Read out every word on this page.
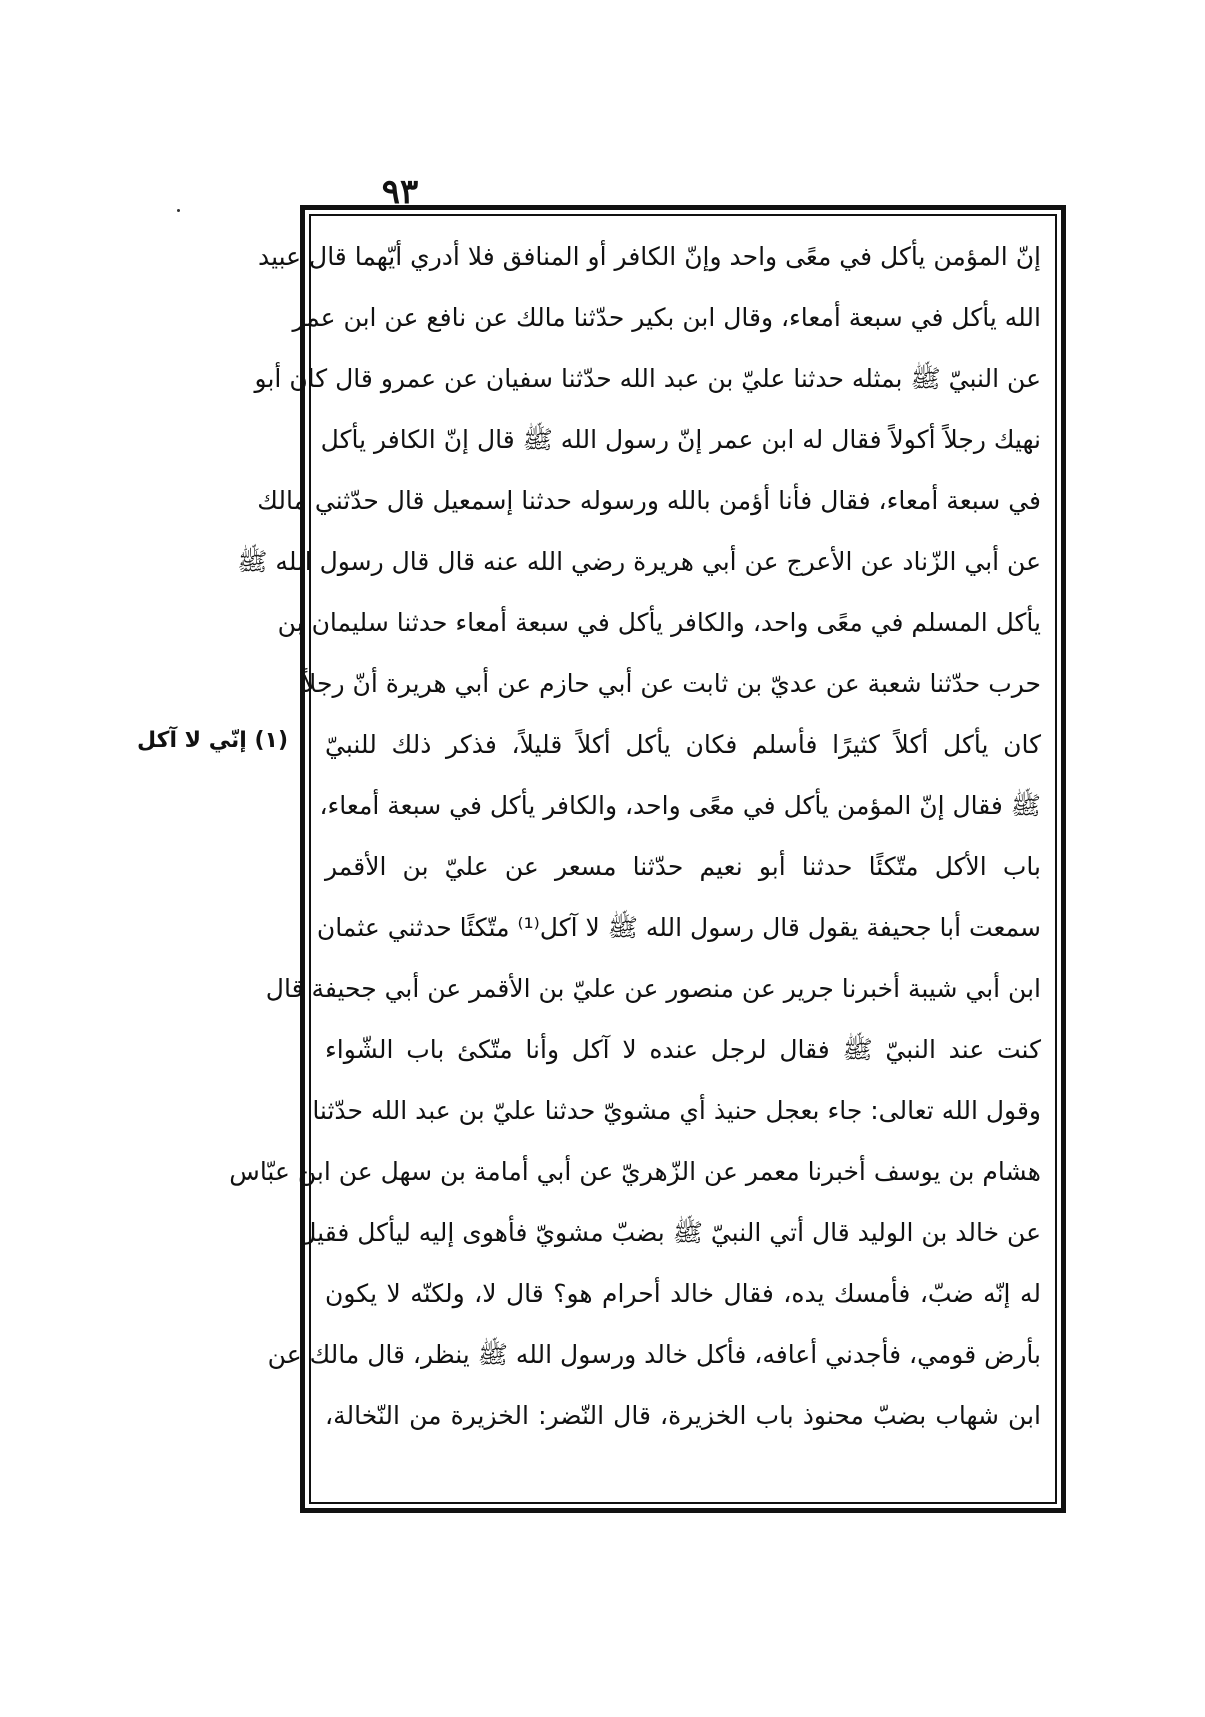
٩٣
(١) إنّي لا آكل
إنّ المؤمن يأكل في معًى واحد وإنّ الكافر أو المنافق فلا أدري أيّهما قال عبيد
الله يأكل في سبعة أمعاء، وقال ابن بكير حدّثنا مالك عن نافع عن ابن عمر
عن النبيّ ﷺ بمثله حدثنا عليّ بن عبد الله حدّثنا سفيان عن عمرو قال كان أبو
نهيك رجلاً أكولاً فقال له ابن عمر إنّ رسول الله ﷺ قال إنّ الكافر يأكل
في سبعة أمعاء، فقال فأنا أؤمن بالله ورسوله حدثنا إسمعيل قال حدّثني مالك
عن أبي الزّناد عن الأعرج عن أبي هريرة رضي الله عنه قال قال رسول الله ﷺ
يأكل المسلم في معًى واحد، والكافر يأكل في سبعة أمعاء حدثنا سليمان بن
حرب حدّثنا شعبة عن عديّ بن ثابت عن أبي حازم عن أبي هريرة أنّ رجلاً
كان يأكل أكلاً كثيرًا فأسلم فكان يأكل أكلاً قليلاً، فذكر ذلك للنبيّ
ﷺ فقال إنّ المؤمن يأكل في معًى واحد، والكافر يأكل في سبعة أمعاء،
باب الأكل متّكئًا حدثنا أبو نعيم حدّثنا مسعر عن عليّ بن الأقمر
سمعت أبا جحيفة يقول قال رسول الله ﷺ لا آكل⁽¹⁾ متّكئًا حدثني عثمان
ابن أبي شيبة أخبرنا جرير عن منصور عن عليّ بن الأقمر عن أبي جحيفة قال
كنت عند النبيّ ﷺ فقال لرجل عنده لا آكل وأنا متّكئ باب الشّواء
وقول الله تعالى: جاء بعجل حنيذ أي مشويّ حدثنا عليّ بن عبد الله حدّثنا
هشام بن يوسف أخبرنا معمر عن الزّهريّ عن أبي أمامة بن سهل عن ابن عبّاس
عن خالد بن الوليد قال أتي النبيّ ﷺ بضبّ مشويّ فأهوى إليه ليأكل فقيل
له إنّه ضبّ، فأمسك يده، فقال خالد أحرام هو؟ قال لا، ولكنّه لا يكون
بأرض قومي، فأجدني أعافه، فأكل خالد ورسول الله ﷺ ينظر، قال مالك عن
ابن شهاب بضبّ محنوذ باب الخزيرة، قال النّضر: الخزيرة من النّخالة،
